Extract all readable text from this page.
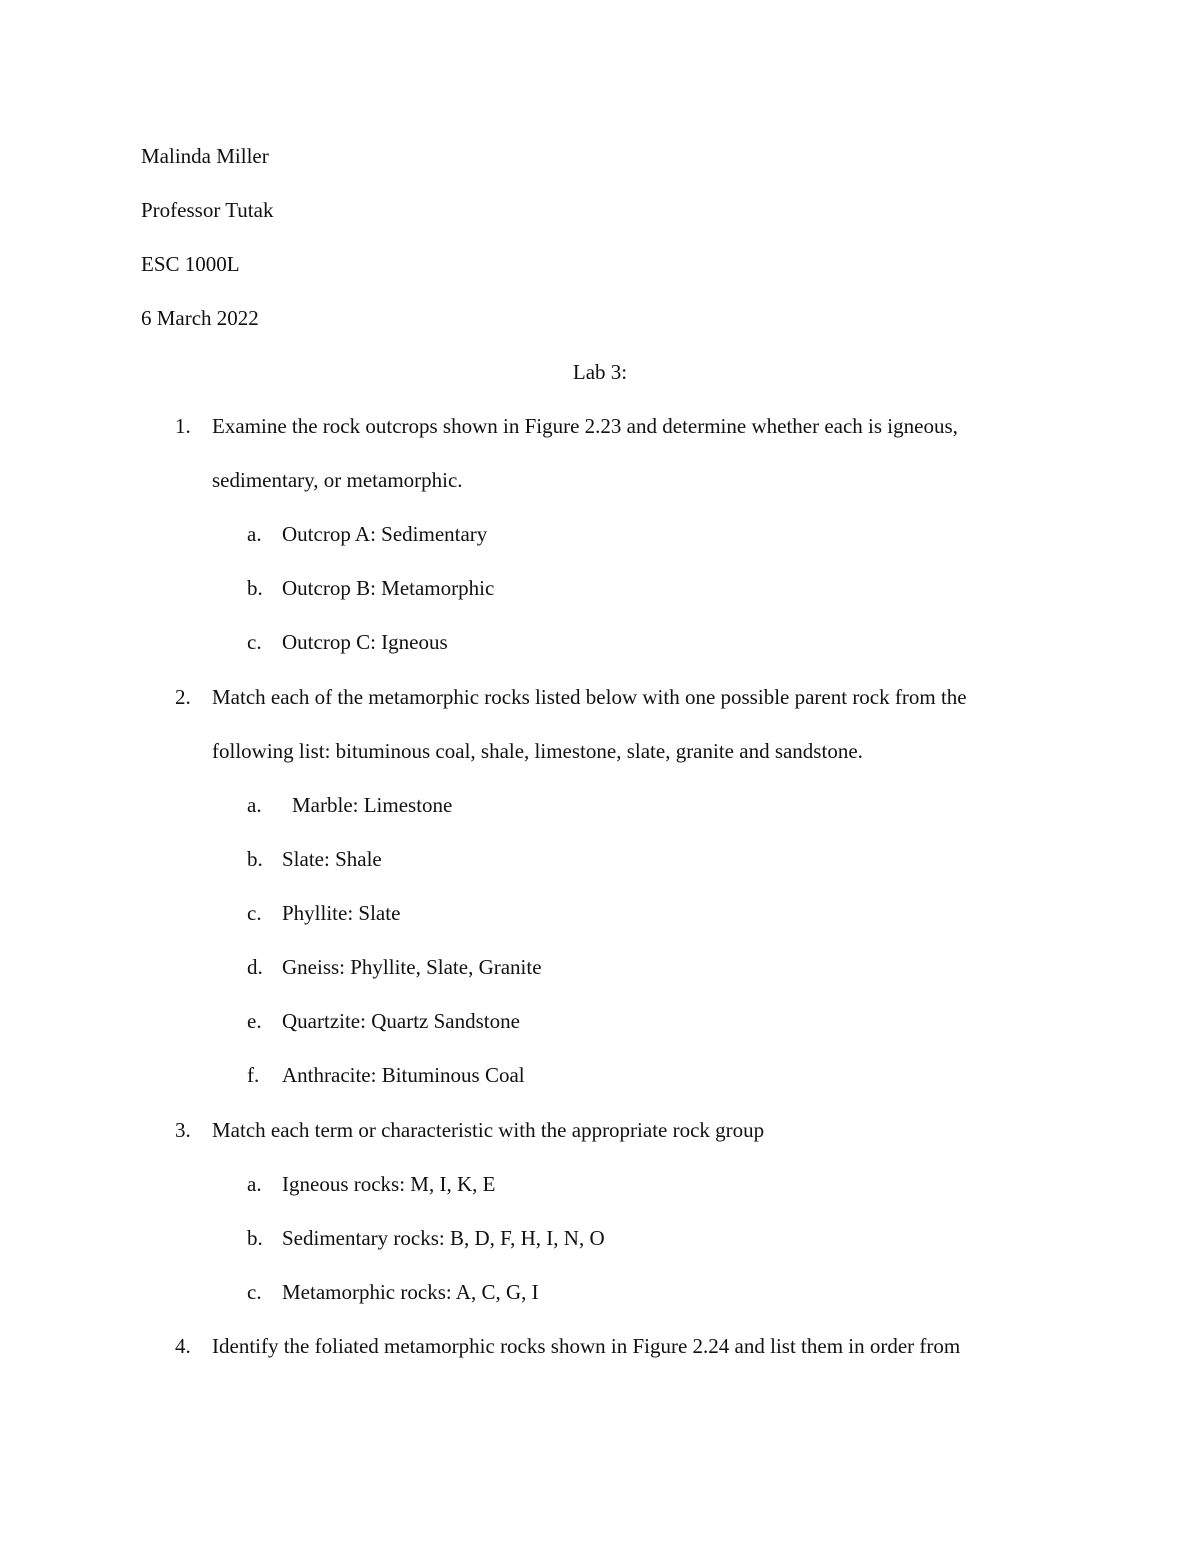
Malinda Miller
Professor Tutak
ESC 1000L
6 March 2022
Lab 3:
1. Examine the rock outcrops shown in Figure 2.23 and determine whether each is igneous,
sedimentary, or metamorphic.
a. Outcrop A: Sedimentary
b. Outcrop B: Metamorphic
c. Outcrop C: Igneous
2. Match each of the metamorphic rocks listed below with one possible parent rock from the
following list: bituminous coal, shale, limestone, slate, granite and sandstone.
a. Marble: Limestone
b. Slate: Shale
c. Phyllite: Slate
d. Gneiss: Phyllite, Slate, Granite
e. Quartzite: Quartz Sandstone
f. Anthracite: Bituminous Coal
3. Match each term or characteristic with the appropriate rock group
a. Igneous rocks: M, I, K, E
b. Sedimentary rocks: B, D, F, H, I, N, O
c. Metamorphic rocks: A, C, G, I
4. Identify the foliated metamorphic rocks shown in Figure 2.24 and list them in order from
